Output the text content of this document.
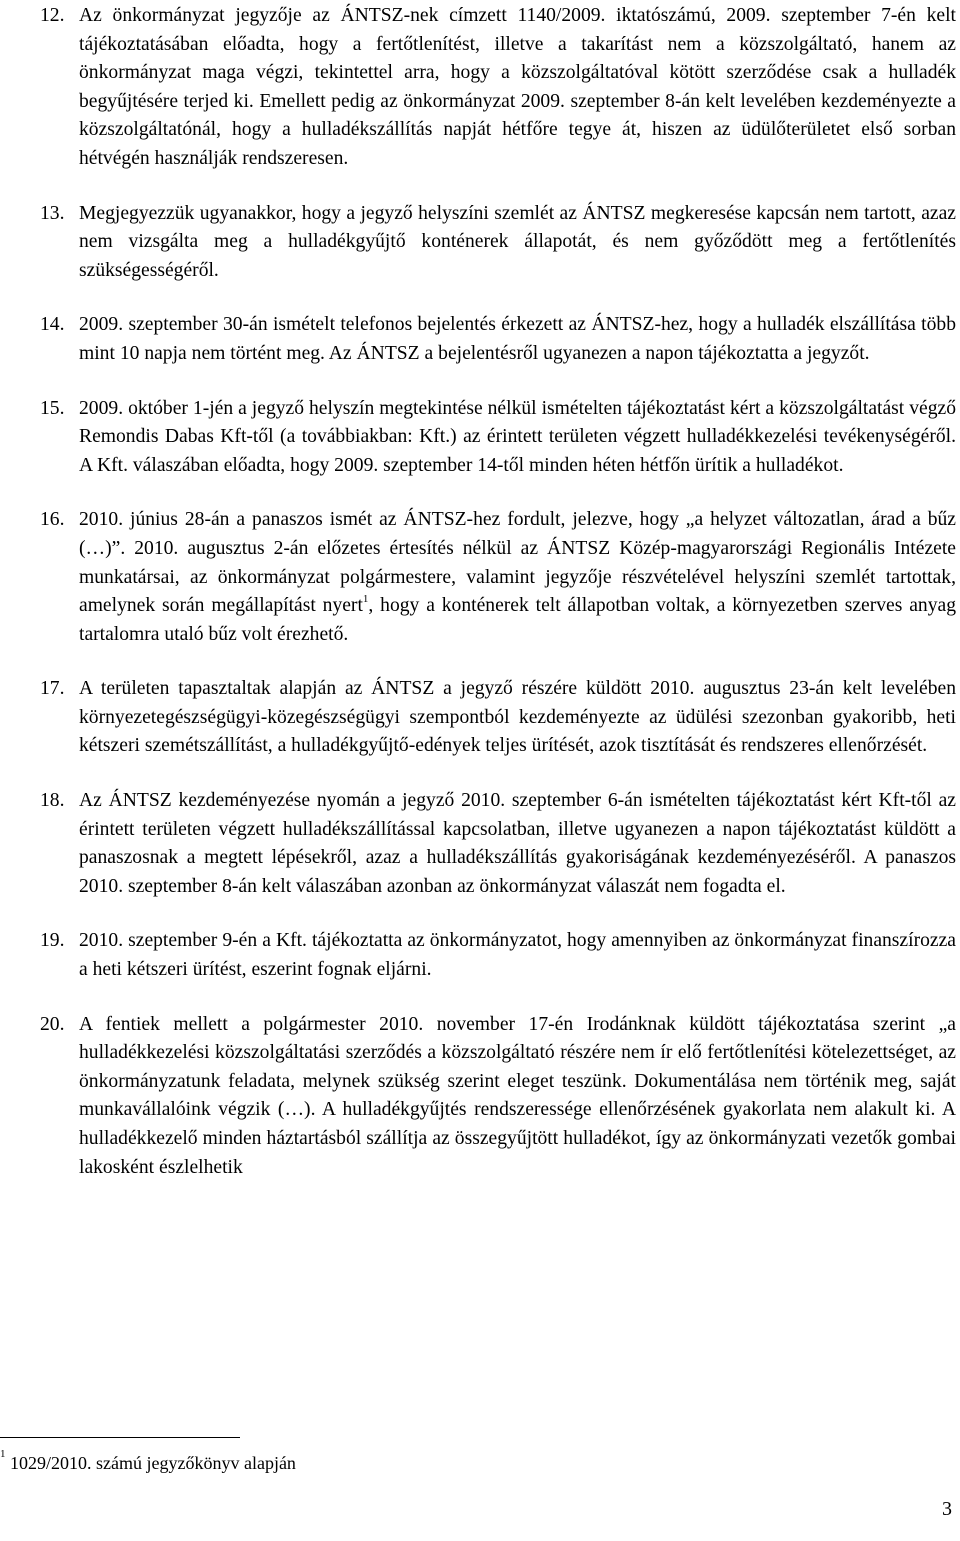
12. Az önkormányzat jegyzője az ÁNTSZ-nek címzett 1140/2009. iktatószámú, 2009. szeptember 7-én kelt tájékoztatásában előadta, hogy a fertőtlenítést, illetve a takarítást nem a közszolgáltató, hanem az önkormányzat maga végzi, tekintettel arra, hogy a közszolgáltatóval kötött szerződése csak a hulladék begyűjtésére terjed ki. Emellett pedig az önkormányzat 2009. szeptember 8-án kelt levelében kezdeményezte a közszolgáltatónál, hogy a hulladékszállítás napját hétfőre tegye át, hiszen az üdülőterületet első sorban hétvégén használják rendszeresen.
13. Megjegyezzük ugyanakkor, hogy a jegyző helyszíni szemlét az ÁNTSZ megkeresése kapcsán nem tartott, azaz nem vizsgálta meg a hulladékgyűjtő konténerek állapotát, és nem győződött meg a fertőtlenítés szükségességéről.
14. 2009. szeptember 30-án ismételt telefonos bejelentés érkezett az ÁNTSZ-hez, hogy a hulladék elszállítása több mint 10 napja nem történt meg. Az ÁNTSZ a bejelentésről ugyanezen a napon tájékoztatta a jegyzőt.
15. 2009. október 1-jén a jegyző helyszín megtekintése nélkül ismételten tájékoztatást kért a közszolgáltatást végző Remondis Dabas Kft-től (a továbbiakban: Kft.) az érintett területen végzett hulladékkezelési tevékenységéről. A Kft. válaszában előadta, hogy 2009. szeptember 14-től minden héten hétfőn ürítik a hulladékot.
16. 2010. június 28-án a panaszos ismét az ÁNTSZ-hez fordult, jelezve, hogy „a helyzet változatlan, árad a bűz (…)”. 2010. augusztus 2-án előzetes értesítés nélkül az ÁNTSZ Közép-magyarországi Regionális Intézete munkatársai, az önkormányzat polgármestere, valamint jegyzője részvételével helyszíni szemlét tartottak, amelynek során megállapítást nyert$^1$, hogy a konténerek telt állapotban voltak, a környezetben szerves anyag tartalomra utaló bűz volt érezhető.
17. A területen tapasztaltak alapján az ÁNTSZ a jegyző részére küldött 2010. augusztus 23-án kelt levelében környezetegészségügyi-közegészségügyi szempontból kezdeményezte az üdülési szezonban gyakoribb, heti kétszeri szemétszállítást, a hulladékgyűjtő-edények teljes ürítését, azok tisztítását és rendszeres ellenőrzését.
18. Az ÁNTSZ kezdeményezése nyomán a jegyző 2010. szeptember 6-án ismételten tájékoztatást kért Kft-től az érintett területen végzett hulladékszállítással kapcsolatban, illetve ugyanezen a napon tájékoztatást küldött a panaszosnak a megtett lépésekről, azaz a hulladékszállítás gyakoriságának kezdeményezéséről. A panaszos 2010. szeptember 8-án kelt válaszában azonban az önkormányzat válaszát nem fogadta el.
19. 2010. szeptember 9-én a Kft. tájékoztatta az önkormányzatot, hogy amennyiben az önkormányzat finanszírozza a heti kétszeri ürítést, eszerint fognak eljárni.
20. A fentiek mellett a polgármester 2010. november 17-én Irodánknak küldött tájékoztatása szerint „a hulladékkezelési közszolgáltatási szerződés a közszolgáltató részére nem ír elő fertőtlenítési kötelezettséget, az önkormányzatunk feladata, melynek szükség szerint eleget teszünk. Dokumentálása nem történik meg, saját munkavállalóink végzik (…). A hulladékgyűjtés rendszeressége ellenőrzésének gyakorlata nem alakult ki. A hulladékkezelő minden háztartásból szállítja az összegyűjtött hulladékot, így az önkormányzati vezetők gombai lakosként észlelhetik
$^1$ 1029/2010. számú jegyzőkönyv alapján
3
